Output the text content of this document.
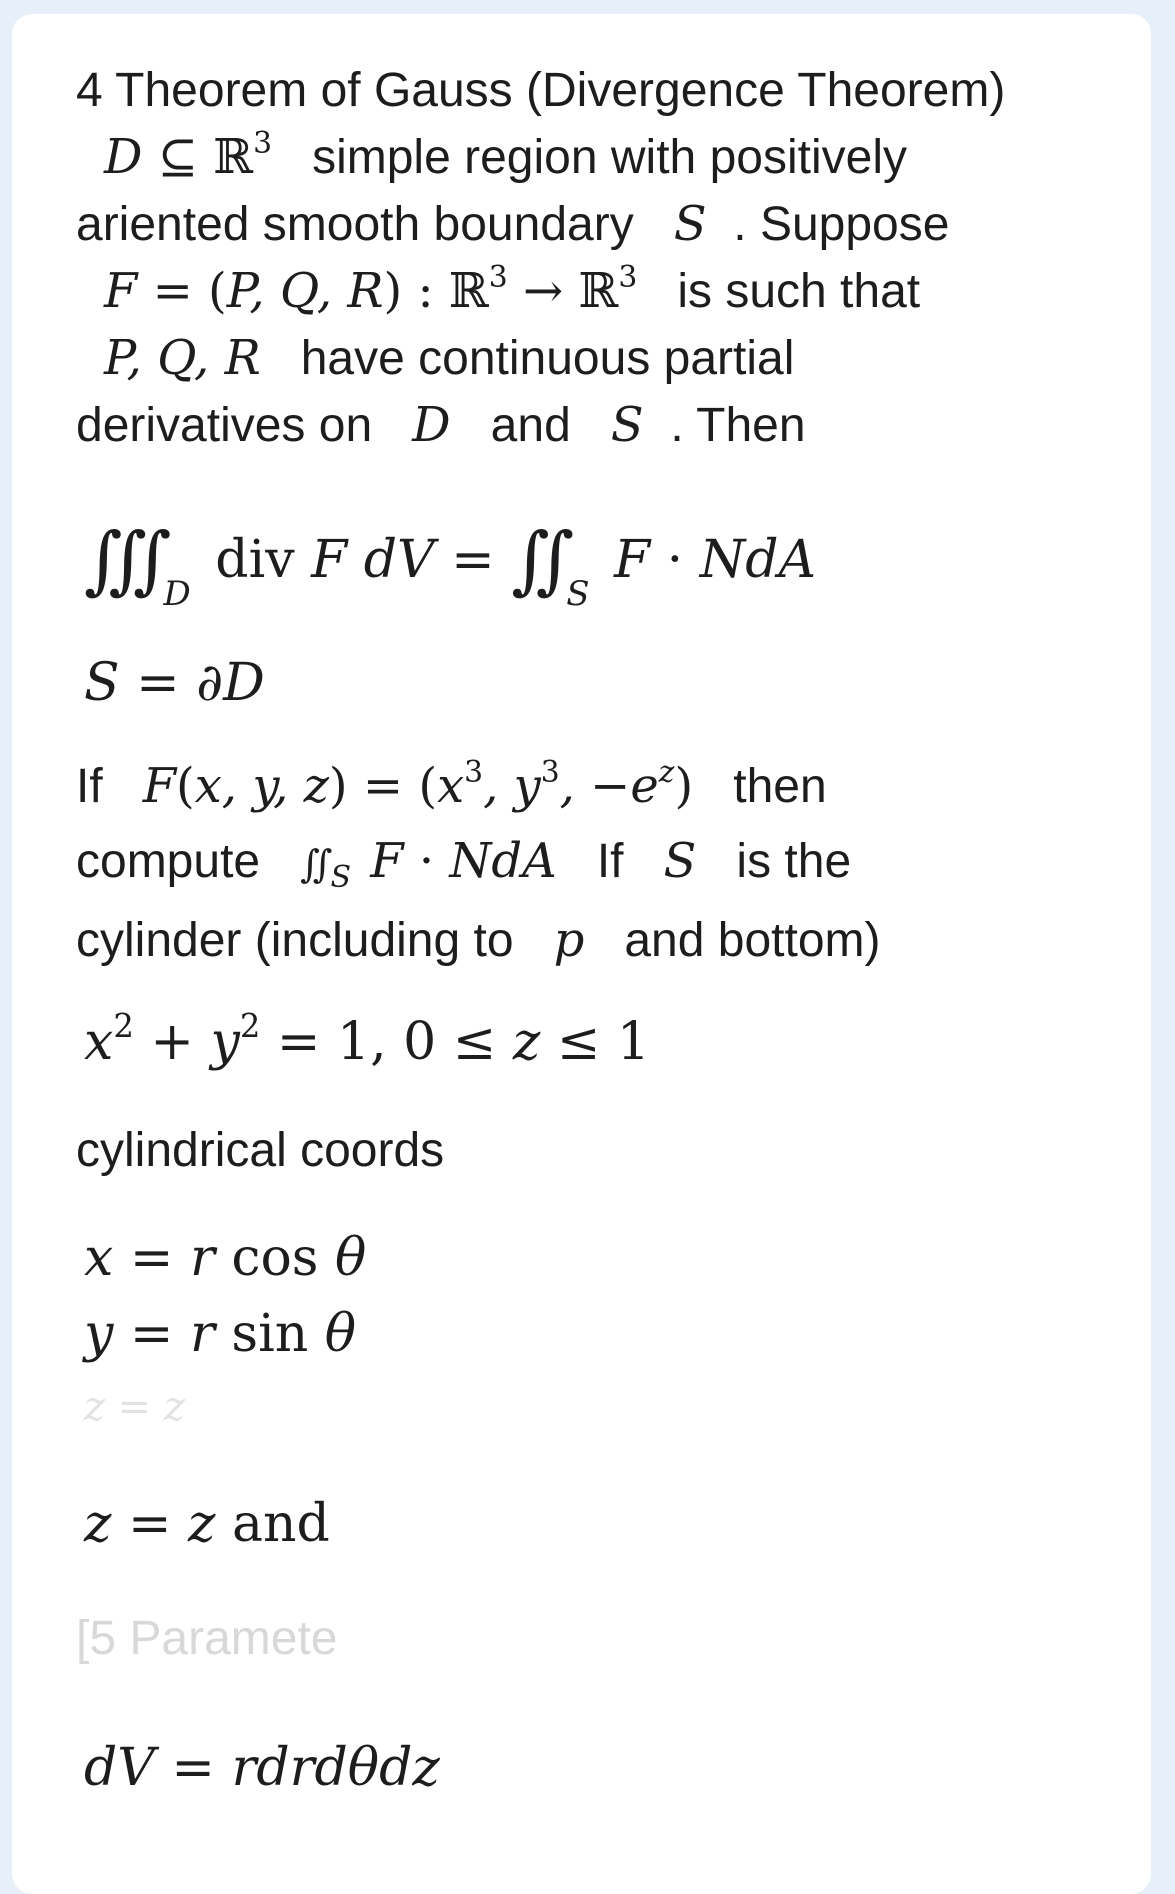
4 Theorem of Gauss (Divergence Theorem)
D ⊆ ℝ$^3$ simple region with positively
ariented smooth boundary S . Suppose
F = (P, Q, R) : ℝ$^3$ → ℝ$^3$ is such that
P, Q, R have continuous partial
derivatives on D and S . Then
∭ $_D$ div F dV = ∬ $_S$ F · NdA
S = ∂D
If F(x, y, $z) = (x^3$, $y^3$, $-e^z$) then
compute ∬ $_S$ F · NdA If S is the
cylinder (including to p and bottom)
$x^2 + y^2 = 1$, 0 ≤ z ≤ 1
cylindrical coords
x = r cos θ
y = r sin θ
z = z
z = z and
[5 Paramete
dV = rdrdθdz
